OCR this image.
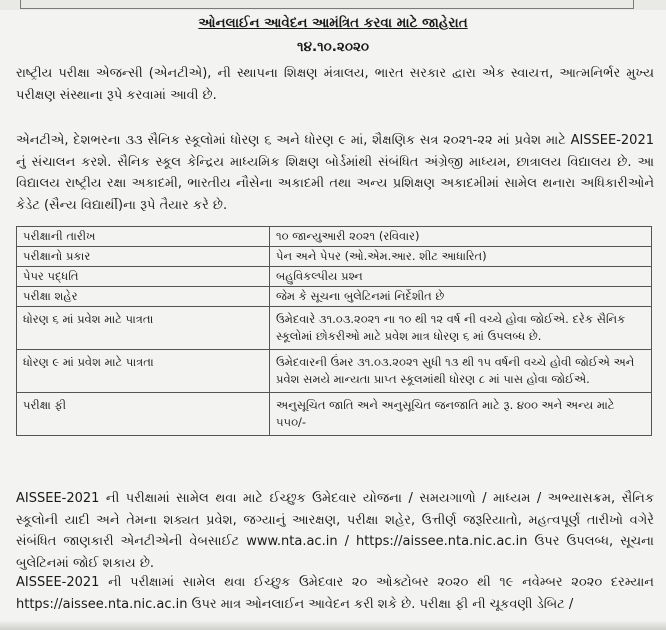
ઓનલાઈન આવેદન આમંત્રિત કરવા માટે જાહેરાત
૧૪.૧૦.૨૦૨૦
રાષ્ટ્રીય પરીક્ષા એજન્સી (એનટીએ), ની સ્થાપના શિક્ષણ મંત્રાલય, ભારત સરકાર દ્વારા એક સ્વાયત્ત, આત્મનિર્ભર મુખ્ય પરીક્ષણ સંસ્થાના રૂપે કરવામાં આવી છે.
એનટીએ, દેશભરના ૩૩ સૈનિક સ્કૂલોમાં ધોરણ ૬ અને ધોરણ ૯ માં, શૈક્ષણિક સત્ર ૨૦૨૧-૨૨ માં પ્રવેશ માટે AISSEE-2021 નું સંચાલન કરશે. સૈનિક સ્કૂલ કેન્દ્રિય માધ્યમિક શિક્ષણ બોર્ડમાંથી સંબંધિત અંગ્રેજી માધ્યમ, છાત્રાલય વિદ્યાલય છે. આ વિદ્યાલય રાષ્ટ્રીય રક્ષા અકાદમી, ભારતીય નૌસેના અકાદમી તથા અન્ય પ્રશિક્ષણ અકાદમીમાં સામેલ થનારા અધિકારીઓને કેડેટ (સૈન્ય વિદ્યાર્થી)ના રૂપે તૈયાર કરે છે.
પરીક્ષાની તારીખ	૧૦ જાન્યુઆરી ૨૦૨૧ (રવિવાર)
પરીક્ષાનો પ્રકાર	પેન અને પેપર (ઓ.એમ.આર. શીટ આધારિત)
પેપર પદ્ધતિ	બહુવિકલ્પીય પ્રશ્ન
પરીક્ષા શહેર	જેમ કે સૂચના બુલેટિનમાં નિર્દેશીત છે
ધોરણ ૬ માં પ્રવેશ માટે પાત્રતા	ઉમેદવારે ૩૧.૦૩.૨૦૨૧ ના ૧૦ થી ૧૨ વર્ષ ની વચ્ચે હોવા જોઈએ. દરેક સૈનિક સ્કૂલોમાં છોકરીઓ માટે પ્રવેશ માત્ર ધોરણ ૬ માં ઉપલબ્ધ છે.
ધોરણ ૯ માં પ્રવેશ માટે પાત્રતા	ઉમેદવારની ઉંમર ૩૧.૦૩.૨૦૨૧ સુધી ૧૩ થી ૧૫ વર્ષની વચ્ચે હોવી જોઈએ અને પ્રવેશ સમયે માન્યતા પ્રાપ્ત સ્કૂલમાંથી ધોરણ ૮ માં પાસ હોવા જોઈએ.
પરીક્ષા ફી	અનુસૂચિત જાતિ અને અનુસૂચિત જનજાતિ માટે રૂ. ૪૦૦ અને અન્ય માટે ૫૫૦/-
AISSEE-2021 ની પરીક્ષામાં સામેલ થવા માટે ઈચ્છુક ઉમેદવાર યોજના / સમયગાળો / માધ્યમ / અભ્યાસક્રમ, સૈનિક સ્કૂલોની યાદી અને તેમના શક્યત પ્રવેશ, જગ્યાનું આરક્ષણ, પરીક્ષા શહેર, ઉત્તીર્ણ જરૂરિયાતો, મહત્વપૂર્ણ તારીખો વગેરે સંબંધિત જાણકારી એનટીએની વેબસાઈટ www.nta.ac.in / https://aissee.nta.nic.ac.in ઉપર ઉપલબ્ધ, સૂચના બુલેટિનમાં જોઈ શકાય છે.
AISSEE-2021 ની પરીક્ષામાં સામેલ થવા ઈચ્છુક ઉમેદવાર ૨૦ ઓક્ટોબર ૨૦૨૦ થી ૧૯ નવેમ્બર ૨૦૨૦ દરમ્યાન https://aissee.nta.nic.ac.in ઉપર માત્ર ઓનલાઈન આવેદન કરી શકે છે. પરીક્ષા ફી ની ચૂકવણી ડેબિટ /
